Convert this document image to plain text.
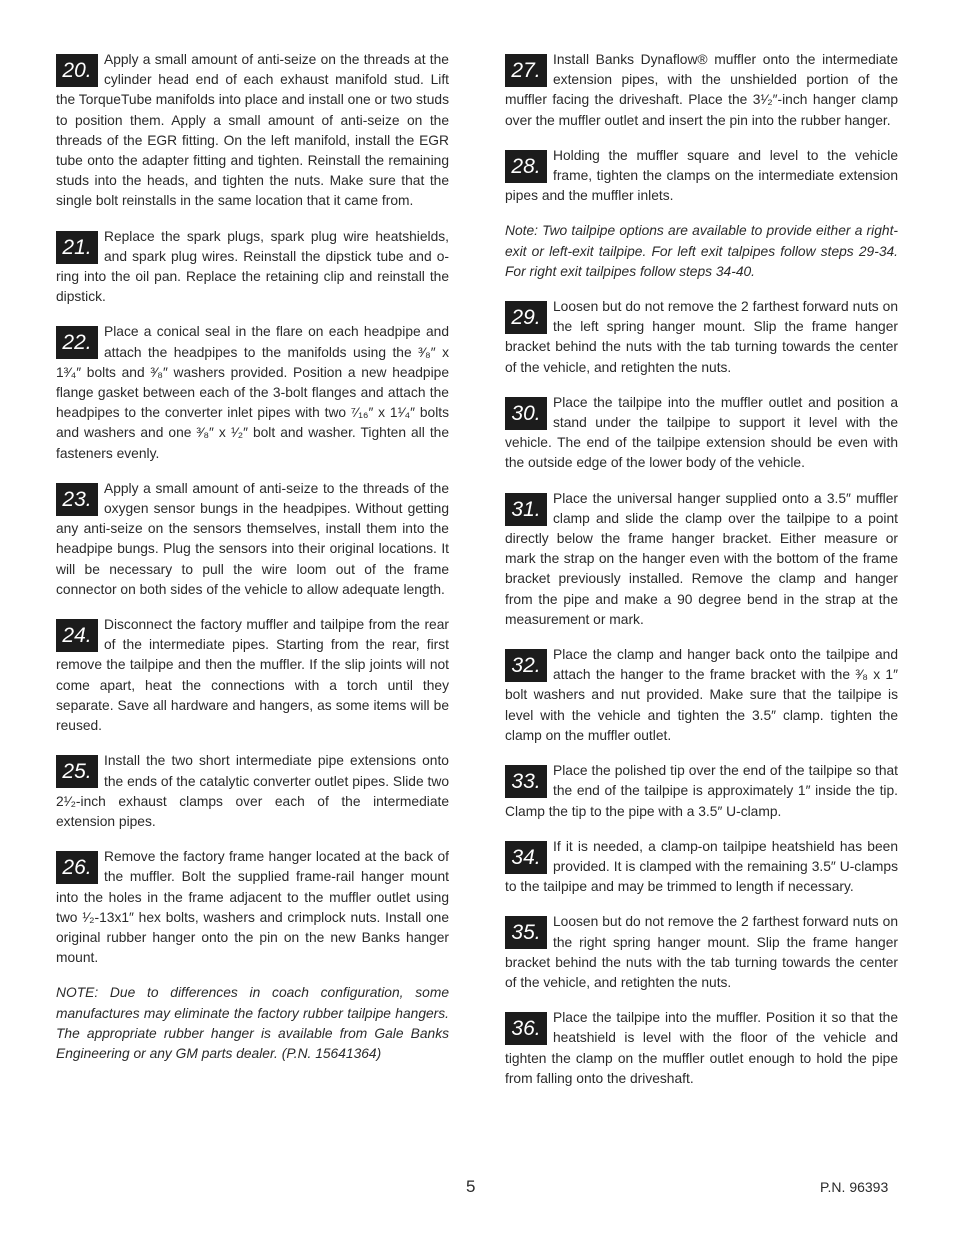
20. Apply a small amount of anti-seize on the threads at the cylinder head end of each exhaust manifold stud. Lift the TorqueTube manifolds into place and install one or two studs to position them. Apply a small amount of anti-seize on the threads of the EGR fitting. On the left manifold, install the EGR tube onto the adapter fitting and tighten. Reinstall the remaining studs into the heads, and tighten the nuts. Make sure that the single bolt reinstalls in the same location that it came from.
21. Replace the spark plugs, spark plug wire heatshields, and spark plug wires. Reinstall the dipstick tube and o-ring into the oil pan. Replace the retaining clip and reinstall the dipstick.
22. Place a conical seal in the flare on each headpipe and attach the headpipes to the manifolds using the ³⁄₈″ x 1³⁄₄″ bolts and ³⁄₈″ washers provided. Position a new headpipe flange gasket between each of the 3-bolt flanges and attach the headpipes to the converter inlet pipes with two ⁷⁄₁₆″ x 1¹⁄₄″ bolts and washers and one ³⁄₈″ x ¹⁄₂″ bolt and washer. Tighten all the fasteners evenly.
23. Apply a small amount of anti-seize to the threads of the oxygen sensor bungs in the headpipes. Without getting any anti-seize on the sensors themselves, install them into the headpipe bungs. Plug the sensors into their original locations. It will be necessary to pull the wire loom out of the frame connector on both sides of the vehicle to allow adequate length.
24. Disconnect the factory muffler and tailpipe from the rear of the intermediate pipes. Starting from the rear, first remove the tailpipe and then the muffler. If the slip joints will not come apart, heat the connections with a torch until they separate. Save all hardware and hangers, as some items will be reused.
25. Install the two short intermediate pipe extensions onto the ends of the catalytic converter outlet pipes. Slide two 2¹⁄₂-inch exhaust clamps over each of the intermediate extension pipes.
26. Remove the factory frame hanger located at the back of the muffler. Bolt the supplied frame-rail hanger mount into the holes in the frame adjacent to the muffler outlet using two ¹⁄₂-13x1″ hex bolts, washers and crimplock nuts. Install one original rubber hanger onto the pin on the new Banks hanger mount.
NOTE: Due to differences in coach configuration, some manufactures may eliminate the factory rubber tailpipe hangers. The appropriate rubber hanger is available from Gale Banks Engineering or any GM parts dealer. (P.N. 15641364)
27. Install Banks Dynaflow® muffler onto the intermediate extension pipes, with the unshielded portion of the muffler facing the driveshaft. Place the 3¹⁄₂″-inch hanger clamp over the muffler outlet and insert the pin into the rubber hanger.
28. Holding the muffler square and level to the vehicle frame, tighten the clamps on the intermediate extension pipes and the muffler inlets.
Note: Two tailpipe options are available to provide either a right-exit or left-exit tailpipe. For left exit talpipes follow steps 29-34. For right exit tailpipes follow steps 34-40.
29. Loosen but do not remove the 2 farthest forward nuts on the left spring hanger mount. Slip the frame hanger bracket behind the nuts with the tab turning towards the center of the vehicle, and retighten the nuts.
30. Place the tailpipe into the muffler outlet and position a stand under the tailpipe to support it level with the vehicle. The end of the tailpipe extension should be even with the outside edge of the lower body of the vehicle.
31. Place the universal hanger supplied onto a 3.5″ muffler clamp and slide the clamp over the tailpipe to a point directly below the frame hanger bracket. Either measure or mark the strap on the hanger even with the bottom of the frame bracket previously installed. Remove the clamp and hanger from the pipe and make a 90 degree bend in the strap at the measurement or mark.
32. Place the clamp and hanger back onto the tailpipe and attach the hanger to the frame bracket with the ³⁄₈ x 1″ bolt washers and nut provided. Make sure that the tailpipe is level with the vehicle and tighten the 3.5″ clamp. tighten the clamp on the muffler outlet.
33. Place the polished tip over the end of the tailpipe so that the end of the tailpipe is approximately 1″ inside the tip. Clamp the tip to the pipe with a 3.5″ U-clamp.
34. If it is needed, a clamp-on tailpipe heatshield has been provided. It is clamped with the remaining 3.5″ U-clamps to the tailpipe and may be trimmed to length if necessary.
35. Loosen but do not remove the 2 farthest forward nuts on the right spring hanger mount. Slip the frame hanger bracket behind the nuts with the tab turning towards the center of the vehicle, and retighten the nuts.
36. Place the tailpipe into the muffler. Position it so that the heatshield is level with the floor of the vehicle and tighten the clamp on the muffler outlet enough to hold the pipe from falling onto the driveshaft.
5	P.N. 96393
